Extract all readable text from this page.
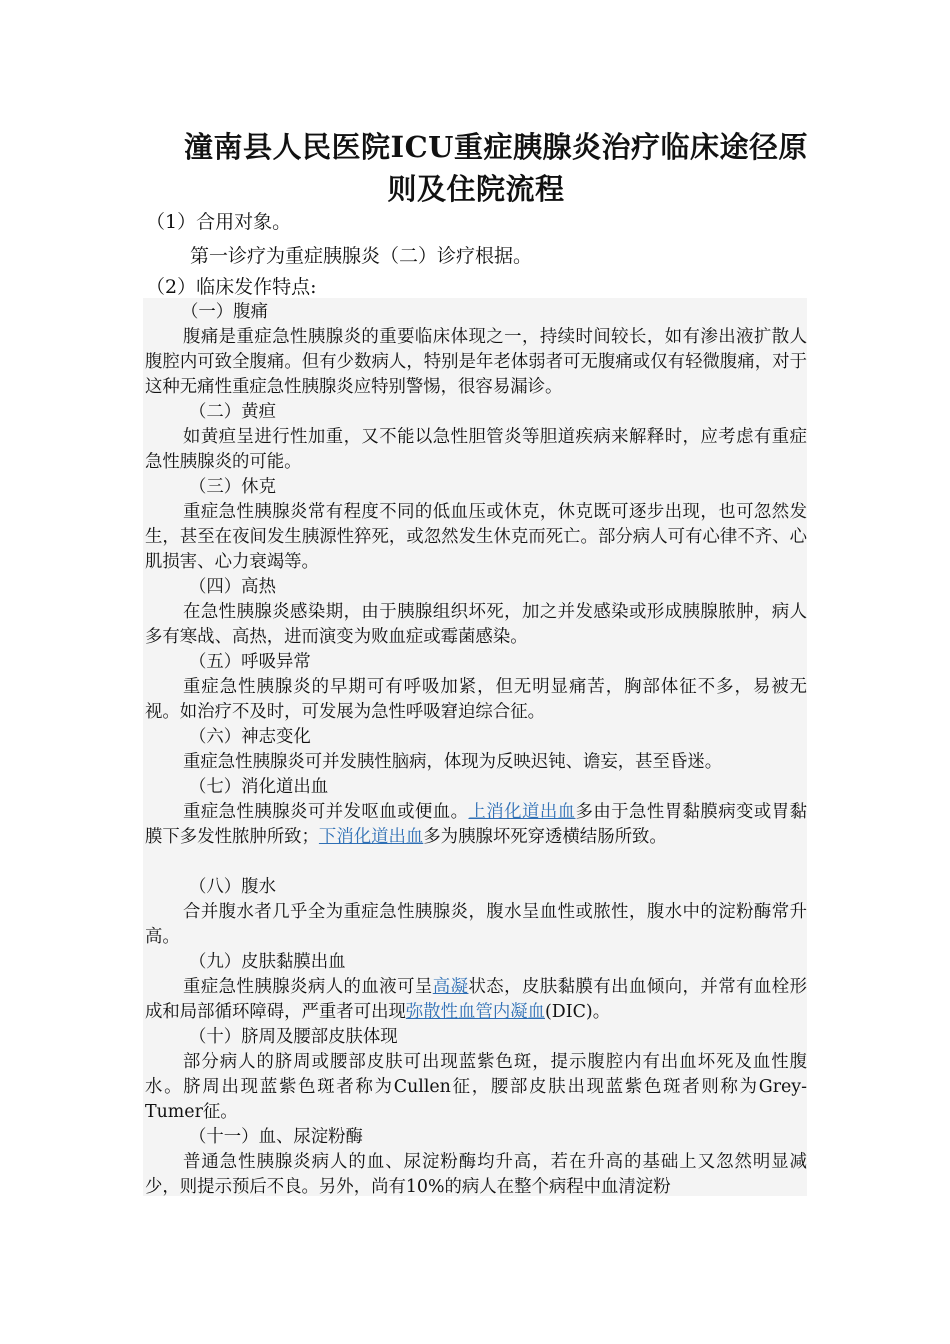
潼南县人民医院ICU重症胰腺炎治疗临床途径原
则及住院流程

（1）合用对象。

第一诊疗为重症胰腺炎（二）诊疗根据。

（2）临床发作特点:

（一）腹痛

腹痛是重症急性胰腺炎的重要临床体现之一，持续时间较长，如有渗出液扩散人腹腔内可致全腹痛。但有少数病人，特别是年老体弱者可无腹痛或仅有轻微腹痛，对于这种无痛性重症急性胰腺炎应特别警惕，很容易漏诊。

（二）黄疸

如黄疸呈进行性加重，又不能以急性胆管炎等胆道疾病来解释时，应考虑有重症急性胰腺炎的可能。

（三）休克

重症急性胰腺炎常有程度不同的低血压或休克，休克既可逐步出现，也可忽然发生，甚至在夜间发生胰源性猝死，或忽然发生休克而死亡。部分病人可有心律不齐、心肌损害、心力衰竭等。

（四）高热

在急性胰腺炎感染期，由于胰腺组织坏死，加之并发感染或形成胰腺脓肿，病人多有寒战、高热，进而演变为败血症或霉菌感染。

（五）呼吸异常

重症急性胰腺炎的早期可有呼吸加紧，但无明显痛苦，胸部体征不多，易被无视。如治疗不及时，可发展为急性呼吸窘迫综合征。

（六）神志变化

重症急性胰腺炎可并发胰性脑病，体现为反映迟钝、谵妄，甚至昏迷。

（七）消化道出血

重症急性胰腺炎可并发呕血或便血。上消化道出血多由于急性胃黏膜病变或胃黏膜下多发性脓肿所致；下消化道出血多为胰腺坏死穿透横结肠所致。

（八）腹水

合并腹水者几乎全为重症急性胰腺炎，腹水呈血性或脓性，腹水中的淀粉酶常升高。

（九）皮肤黏膜出血

重症急性胰腺炎病人的血液可呈高凝状态，皮肤黏膜有出血倾向，并常有血栓形成和局部循环障碍，严重者可出现弥散性血管内凝血(DIC)。

（十）脐周及腰部皮肤体现

部分病人的脐周或腰部皮肤可出现蓝紫色斑，提示腹腔内有出血坏死及血性腹水。脐周出现蓝紫色斑者称为Cullen征，腰部皮肤出现蓝紫色斑者则称为Grey-Tumer征。

（十一）血、尿淀粉酶

普通急性胰腺炎病人的血、尿淀粉酶均升高，若在升高的基础上又忽然明显减少，则提示预后不良。另外，尚有10%的病人在整个病程中血清淀粉
